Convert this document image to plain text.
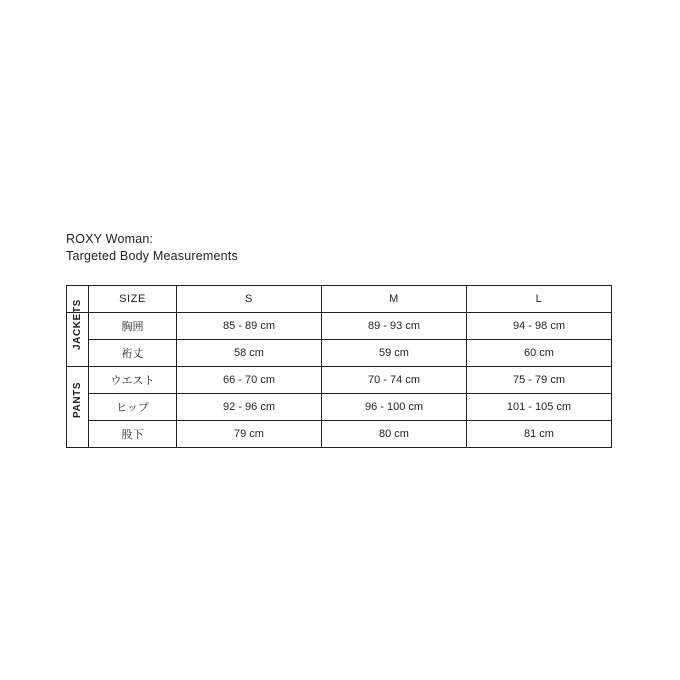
ROXY Woman:
Targeted Body Measurements
	SIZE	S	M	L

JACKETS	胸囲	85 - 89 cm	89 - 93 cm	94 - 98 cm
	裄丈	58 cm	59 cm	60 cm

PANTS	ウエスト	66 - 70 cm	70 - 74 cm	75 - 79 cm
	ヒップ	92 - 96 cm	96 - 100 cm	101 - 105 cm
	股下	79 cm	80 cm	81 cm
